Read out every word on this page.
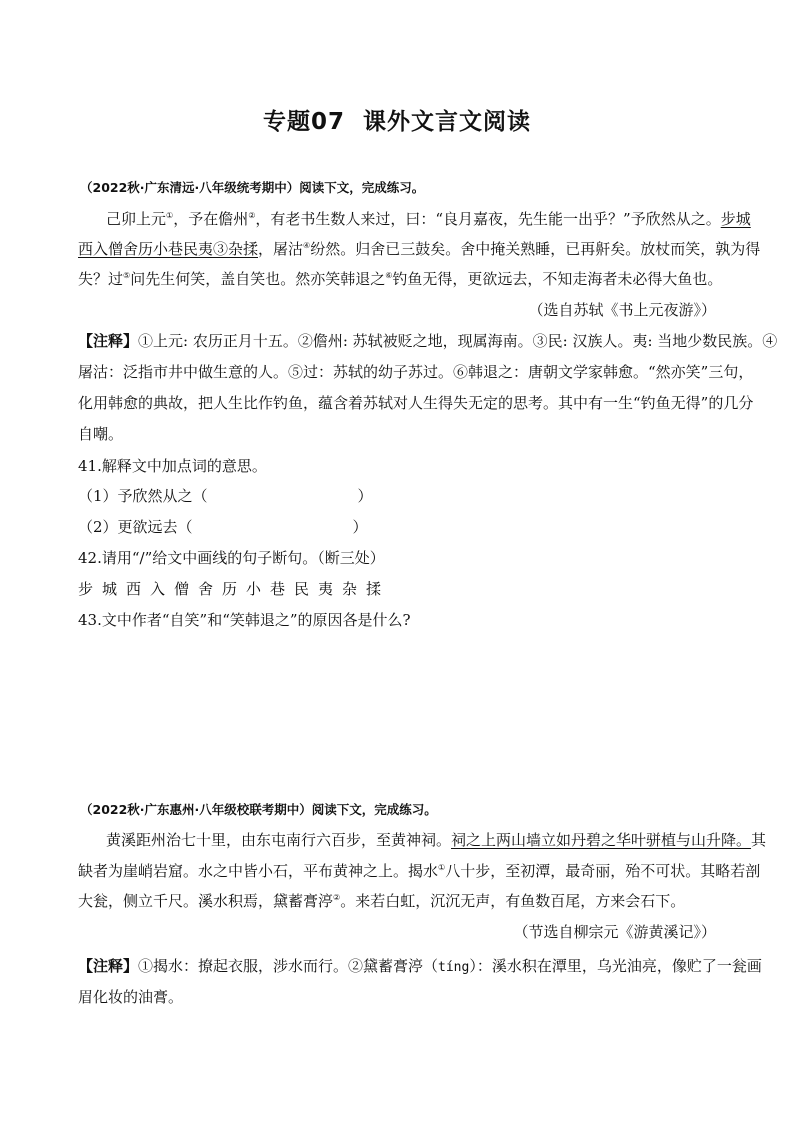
专题07 课外文言文阅读
（2022秋·广东清远·八年级统考期中）阅读下文，完成练习。
己卯上元①，予在儋州②，有老书生数人来过，曰：“良月嘉夜，先生能一出乎？”予欣然从之。步城
西入僧舍历小巷民夷③杂揉，屠沽④纷然。归舍已三鼓矣。舍中掩关熟睡，已再鼾矣。放杖而笑，孰为得
失？过⑤问先生何笑，盖自笑也。然亦笑韩退之⑥钓鱼无得，更欲远去，不知走海者未必得大鱼也。
（选自苏轼《书上元夜游》）
【注释】①上元: 农历正月十五。②儋州: 苏轼被贬之地，现属海南。③民: 汉族人。夷: 当地少数民族。④
屠沽：泛指市井中做生意的人。⑤过：苏轼的幼子苏过。⑥韩退之：唐朝文学家韩愈。“然亦笑”三句，
化用韩愈的典故，把人生比作钓鱼，蕴含着苏轼对人生得失无定的思考。其中有一生“钓鱼无得”的几分
自嘲。
41.解释文中加点词的意思。
（1）予欣然从之（	）
（2）更欲远去（	）
42.请用“/”给文中画线的句子断句。（断三处）
步城西入僧舍历小巷民夷杂揉
43.文中作者“自笑”和“笑韩退之”的原因各是什么?
（2022秋·广东惠州·八年级校联考期中）阅读下文，完成练习。
黄溪距州治七十里，由东屯南行六百步，至黄神祠。祠之上两山墙立如丹碧之华叶骈植与山升降。其
缺者为崖峭岩窟。水之中皆小石，平布黄神之上。揭水①八十步，至初潭，最奇丽，殆不可状。其略若剖
大瓮，侧立千尺。溪水积焉，黛蓄膏渟②。来若白虹，沉沉无声，有鱼数百尾，方来会石下。
（节选自柳宗元《游黄溪记》）
【注释】①揭水：撩起衣服，涉水而行。②黛蓄膏渟（tíng）：溪水积在潭里，乌光油亮，像贮了一瓮画
眉化妆的油膏。
